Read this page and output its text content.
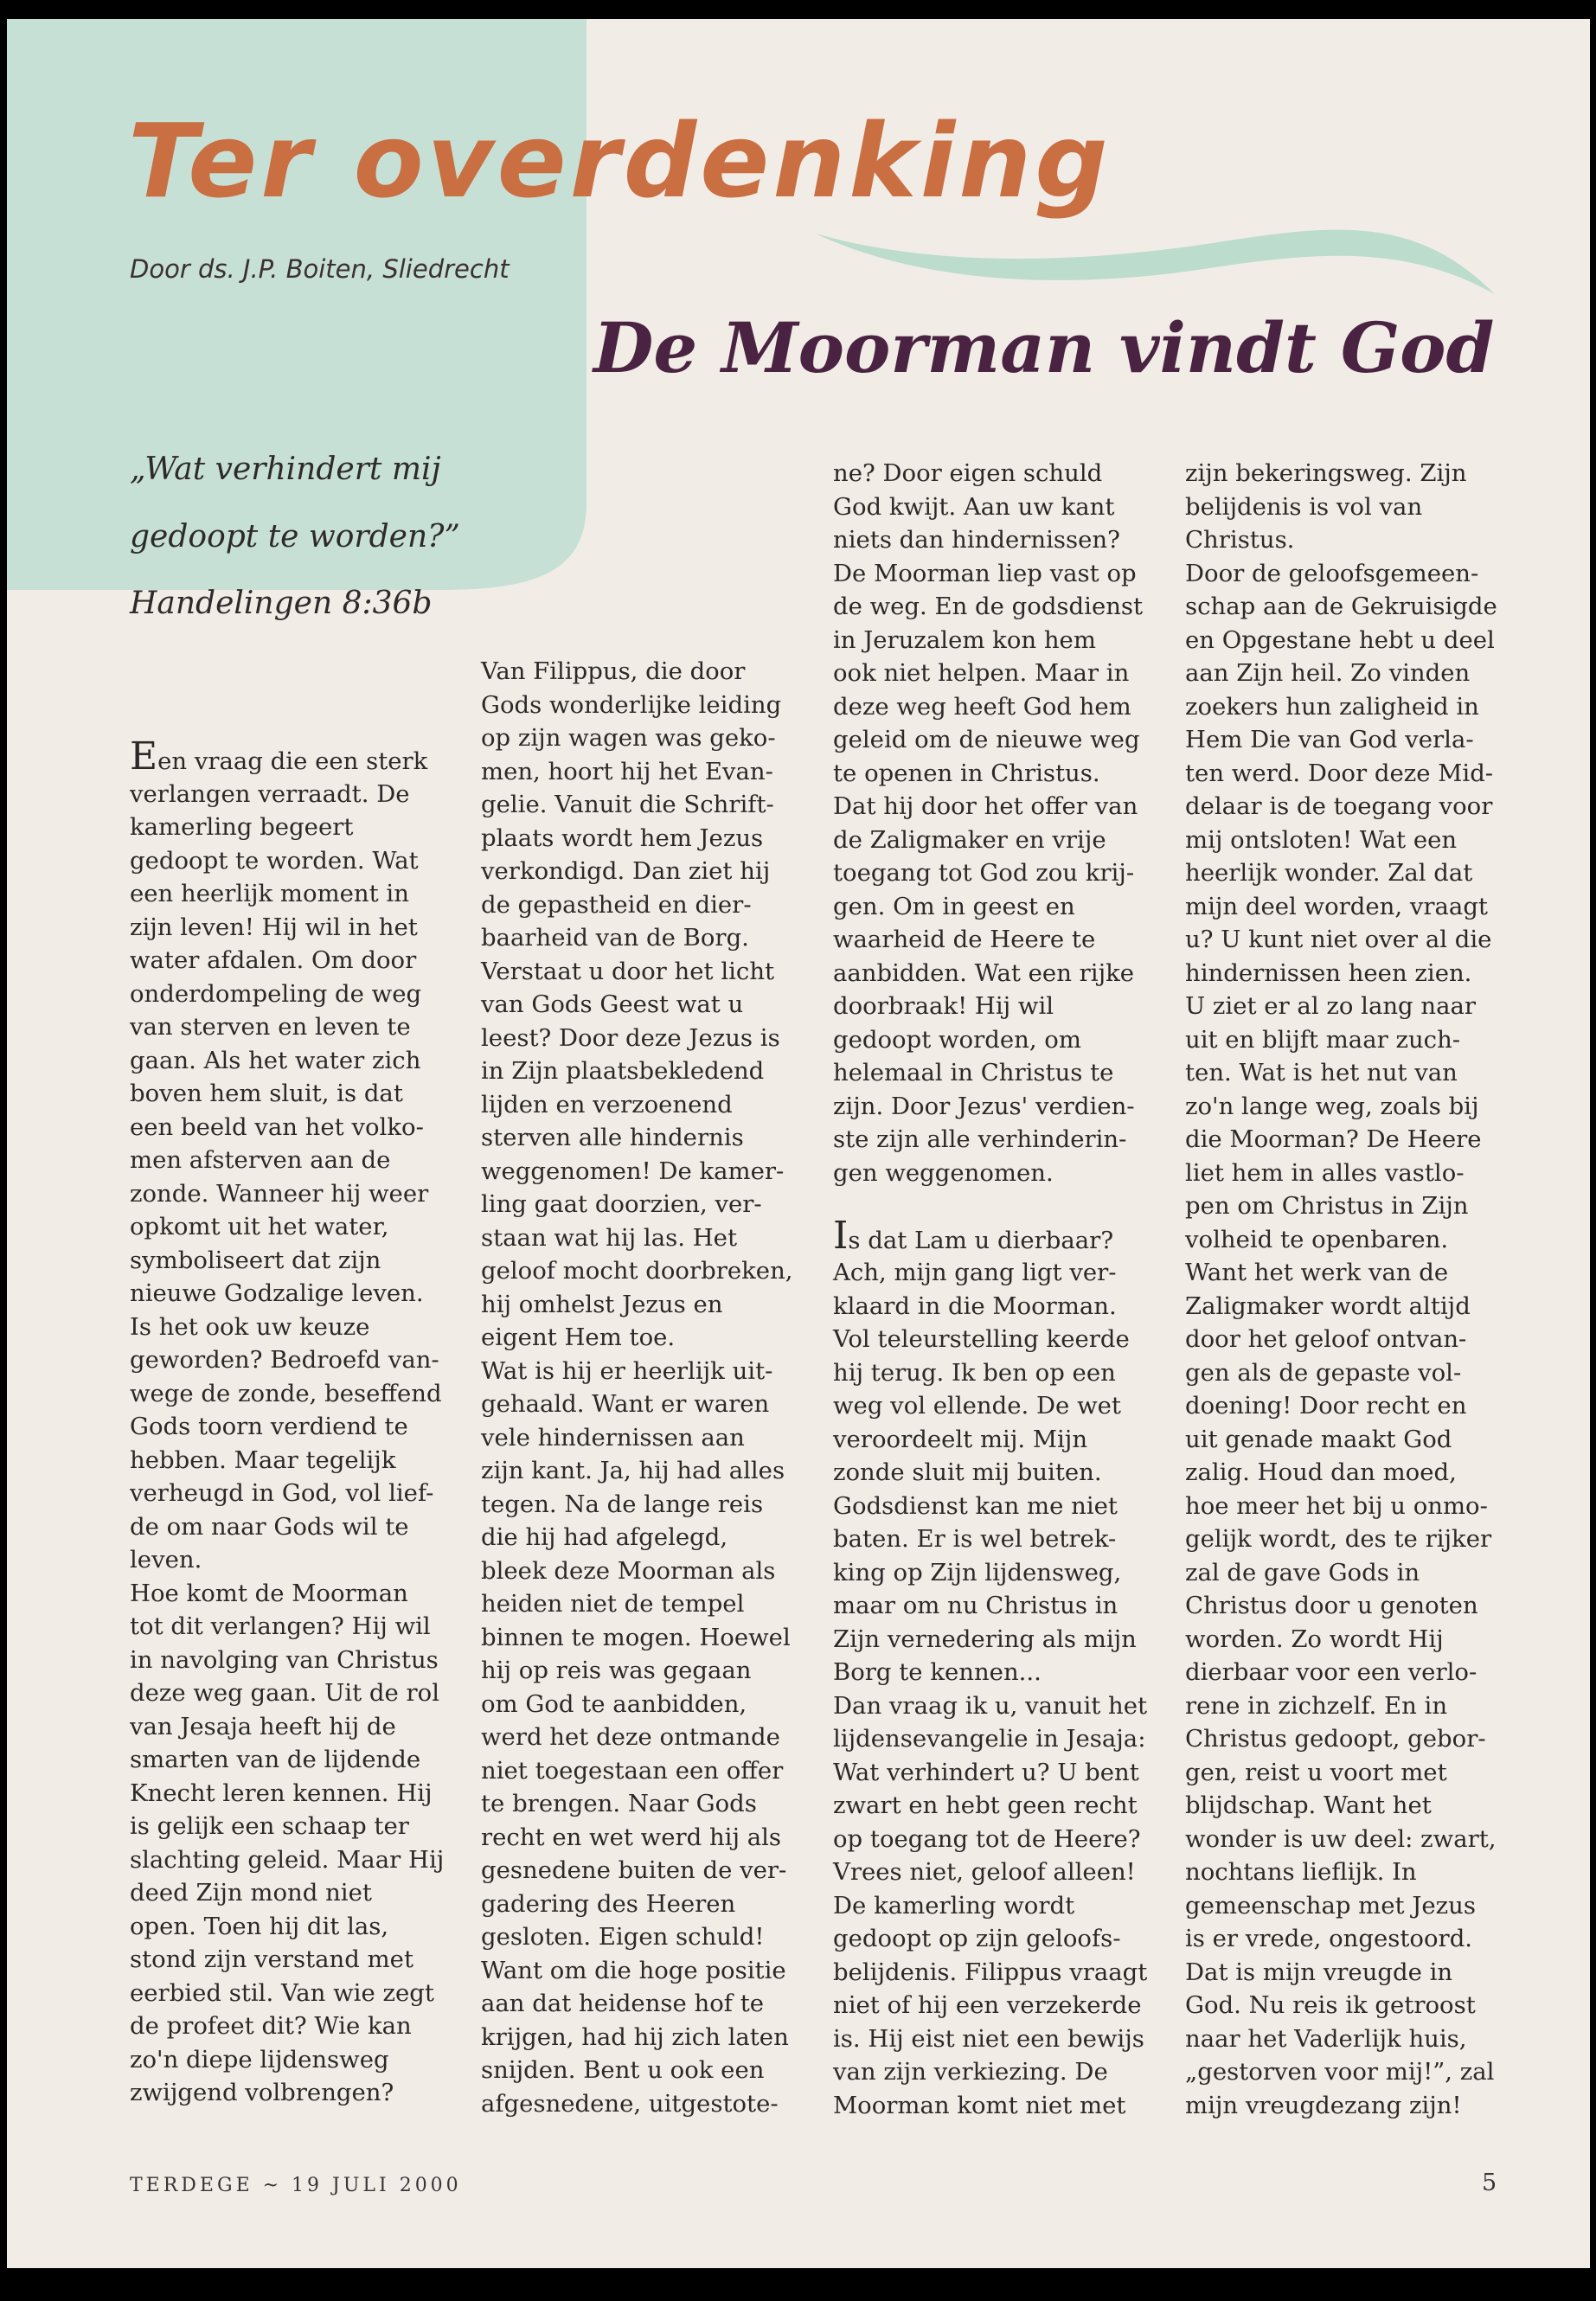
Ter overdenking

Door ds. J.P. Boiten, Sliedrecht

De Moorman vindt God

„Wat verhindert mij

gedoopt te worden?”

Handelingen 8:36b

Een vraag die een sterk
verlangen verraadt. De
kamerling begeert
gedoopt te worden. Wat
een heerlijk moment in
zijn leven! Hij wil in het
water afdalen. Om door
onderdompeling de weg
van sterven en leven te
gaan. Als het water zich
boven hem sluit, is dat
een beeld van het volko-
men afsterven aan de
zonde. Wanneer hij weer
opkomt uit het water,
symboliseert dat zijn
nieuwe Godzalige leven.
Is het ook uw keuze
geworden? Bedroefd van-
wege de zonde, beseffend
Gods toorn verdiend te
hebben. Maar tegelijk
verheugd in God, vol lief-
de om naar Gods wil te
leven.
Hoe komt de Moorman
tot dit verlangen? Hij wil
in navolging van Christus
deze weg gaan. Uit de rol
van Jesaja heeft hij de
smarten van de lijdende
Knecht leren kennen. Hij
is gelijk een schaap ter
slachting geleid. Maar Hij
deed Zijn mond niet
open. Toen hij dit las,
stond zijn verstand met
eerbied stil. Van wie zegt
de profeet dit? Wie kan
zo'n diepe lijdensweg
zwijgend volbrengen?
Van Filippus, die door
Gods wonderlijke leiding
op zijn wagen was geko-
men, hoort hij het Evan-
gelie. Vanuit die Schrift-
plaats wordt hem Jezus
verkondigd. Dan ziet hij
de gepastheid en dier-
baarheid van de Borg.
Verstaat u door het licht
van Gods Geest wat u
leest? Door deze Jezus is
in Zijn plaatsbekledend
lijden en verzoenend
sterven alle hindernis
weggenomen! De kamer-
ling gaat doorzien, ver-
staan wat hij las. Het
geloof mocht doorbreken,
hij omhelst Jezus en
eigent Hem toe.
Wat is hij er heerlijk uit-
gehaald. Want er waren
vele hindernissen aan
zijn kant. Ja, hij had alles
tegen. Na de lange reis
die hij had afgelegd,
bleek deze Moorman als
heiden niet de tempel
binnen te mogen. Hoewel
hij op reis was gegaan
om God te aanbidden,
werd het deze ontmande
niet toegestaan een offer
te brengen. Naar Gods
recht en wet werd hij als
gesnedene buiten de ver-
gadering des Heeren
gesloten. Eigen schuld!
Want om die hoge positie
aan dat heidense hof te
krijgen, had hij zich laten
snijden. Bent u ook een
afgesnedene, uitgestote-
ne? Door eigen schuld
God kwijt. Aan uw kant
niets dan hindernissen?
De Moorman liep vast op
de weg. En de godsdienst
in Jeruzalem kon hem
ook niet helpen. Maar in
deze weg heeft God hem
geleid om de nieuwe weg
te openen in Christus.
Dat hij door het offer van
de Zaligmaker en vrije
toegang tot God zou krij-
gen. Om in geest en
waarheid de Heere te
aanbidden. Wat een rijke
doorbraak! Hij wil
gedoopt worden, om
helemaal in Christus te
zijn. Door Jezus' verdien-
ste zijn alle verhinderin-
gen weggenomen.
Is dat Lam u dierbaar?
Ach, mijn gang ligt ver-
klaard in die Moorman.
Vol teleurstelling keerde
hij terug. Ik ben op een
weg vol ellende. De wet
veroordeelt mij. Mijn
zonde sluit mij buiten.
Godsdienst kan me niet
baten. Er is wel betrek-
king op Zijn lijdensweg,
maar om nu Christus in
Zijn vernedering als mijn
Borg te kennen...
Dan vraag ik u, vanuit het
lijdensevangelie in Jesaja:
Wat verhindert u? U bent
zwart en hebt geen recht
op toegang tot de Heere?
Vrees niet, geloof alleen!
De kamerling wordt
gedoopt op zijn geloofs-
belijdenis. Filippus vraagt
niet of hij een verzekerde
is. Hij eist niet een bewijs
van zijn verkiezing. De
Moorman komt niet met
zijn bekeringsweg. Zijn
belijdenis is vol van
Christus.
Door de geloofsgemeen-
schap aan de Gekruisigde
en Opgestane hebt u deel
aan Zijn heil. Zo vinden
zoekers hun zaligheid in
Hem Die van God verla-
ten werd. Door deze Mid-
delaar is de toegang voor
mij ontsloten! Wat een
heerlijk wonder. Zal dat
mijn deel worden, vraagt
u? U kunt niet over al die
hindernissen heen zien.
U ziet er al zo lang naar
uit en blijft maar zuch-
ten. Wat is het nut van
zo'n lange weg, zoals bij
die Moorman? De Heere
liet hem in alles vastlo-
pen om Christus in Zijn
volheid te openbaren.
Want het werk van de
Zaligmaker wordt altijd
door het geloof ontvan-
gen als de gepaste vol-
doening! Door recht en
uit genade maakt God
zalig. Houd dan moed,
hoe meer het bij u onmo-
gelijk wordt, des te rijker
zal de gave Gods in
Christus door u genoten
worden. Zo wordt Hij
dierbaar voor een verlo-
rene in zichzelf. En in
Christus gedoopt, gebor-
gen, reist u voort met
blijdschap. Want het
wonder is uw deel: zwart,
nochtans lieflijk. In
gemeenschap met Jezus
is er vrede, ongestoord.
Dat is mijn vreugde in
God. Nu reis ik getroost
naar het Vaderlijk huis,
„gestorven voor mij!”, zal
mijn vreugdezang zijn!

TERDEGE ~ 19 JULI 2000	5
